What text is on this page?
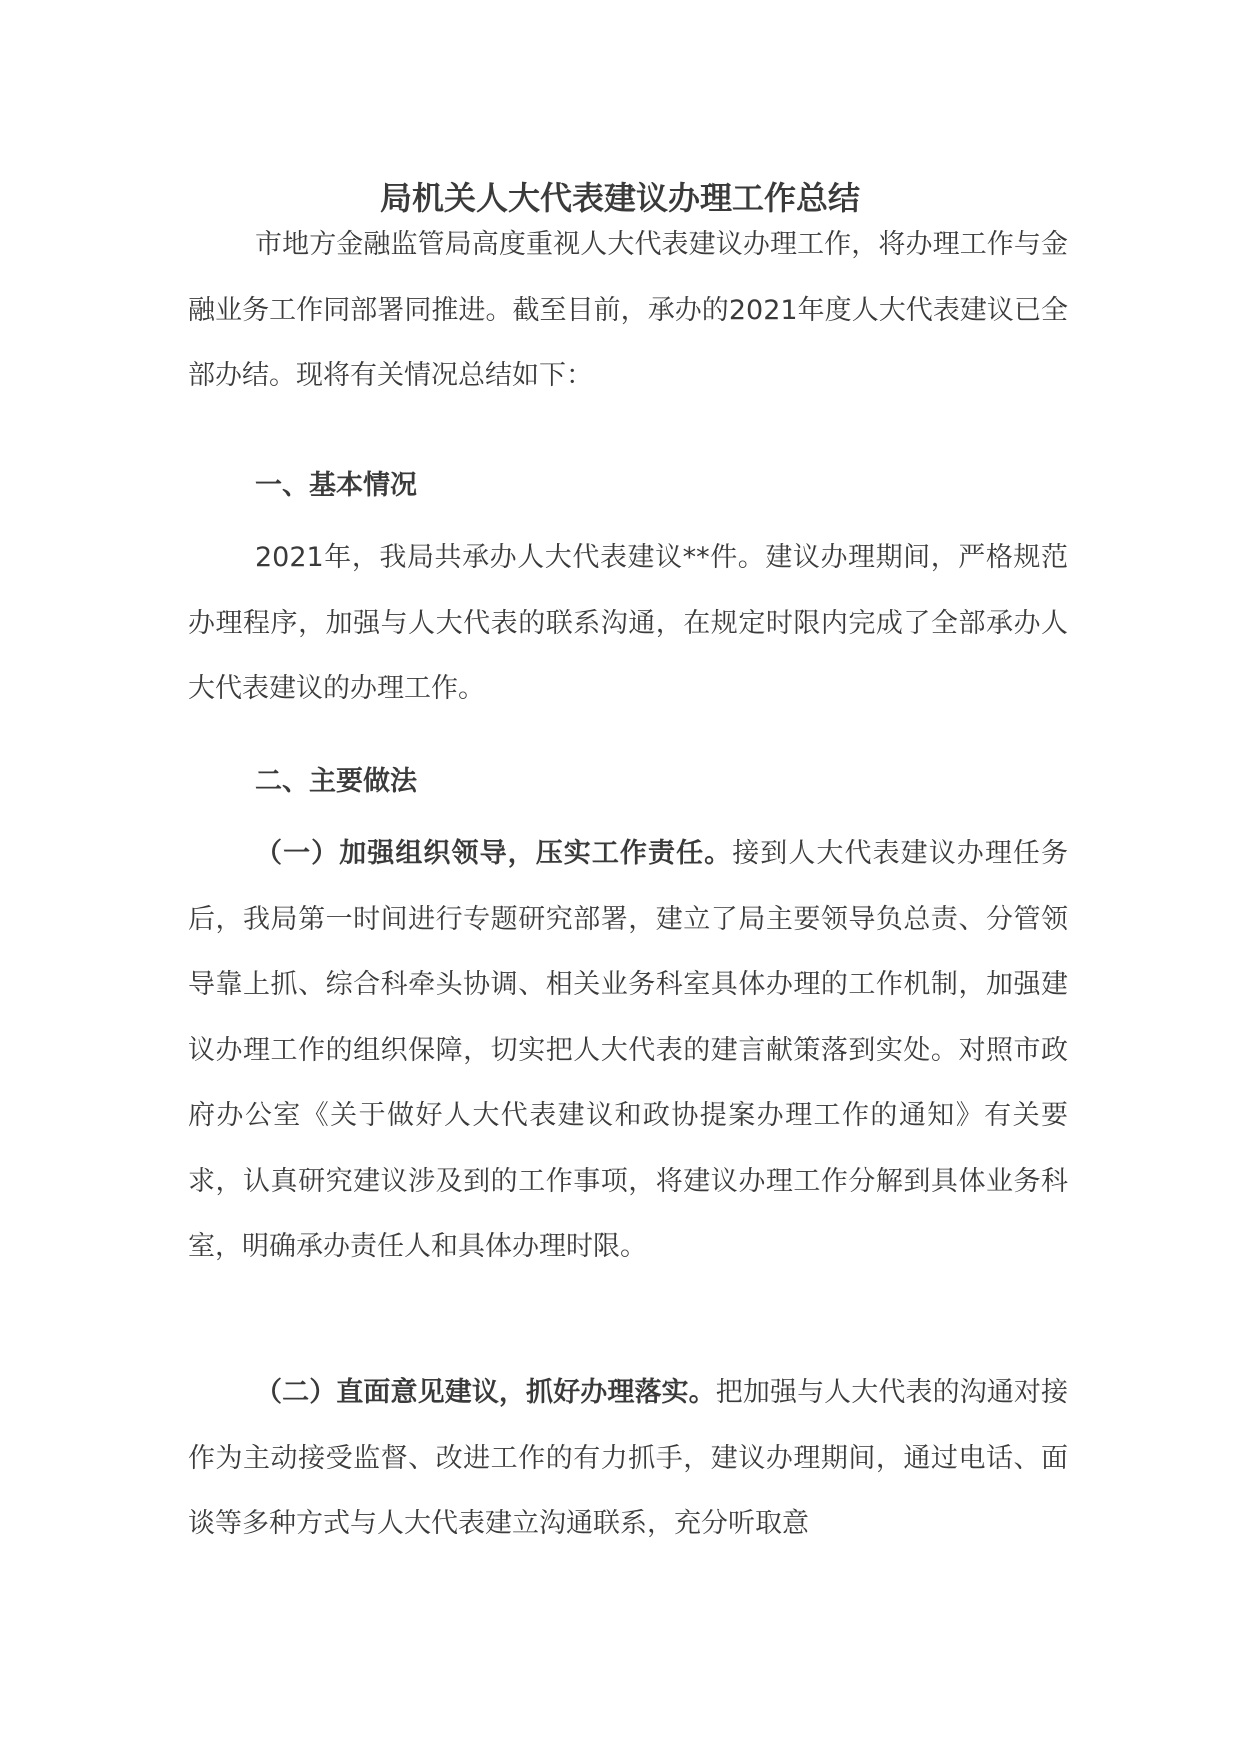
局机关人大代表建议办理工作总结

市地方金融监管局高度重视人大代表建议办理工作，将办理工作与金融业务工作同部署同推进。截至目前，承办的2021年度人大代表建议已全部办结。现将有关情况总结如下：

一、基本情况

2021年，我局共承办人大代表建议**件。建议办理期间，严格规范办理程序，加强与人大代表的联系沟通，在规定时限内完成了全部承办人大代表建议的办理工作。

二、主要做法

（一）加强组织领导，压实工作责任。接到人大代表建议办理任务后，我局第一时间进行专题研究部署，建立了局主要领导负总责、分管领导靠上抓、综合科牵头协调、相关业务科室具体办理的工作机制，加强建议办理工作的组织保障，切实把人大代表的建言献策落到实处。对照市政府办公室《关于做好人大代表建议和政协提案办理工作的通知》有关要求，认真研究建议涉及到的工作事项，将建议办理工作分解到具体业务科室，明确承办责任人和具体办理时限。

（二）直面意见建议，抓好办理落实。把加强与人大代表的沟通对接作为主动接受监督、改进工作的有力抓手，建议办理期间，通过电话、面谈等多种方式与人大代表建立沟通联系，充分听取意
